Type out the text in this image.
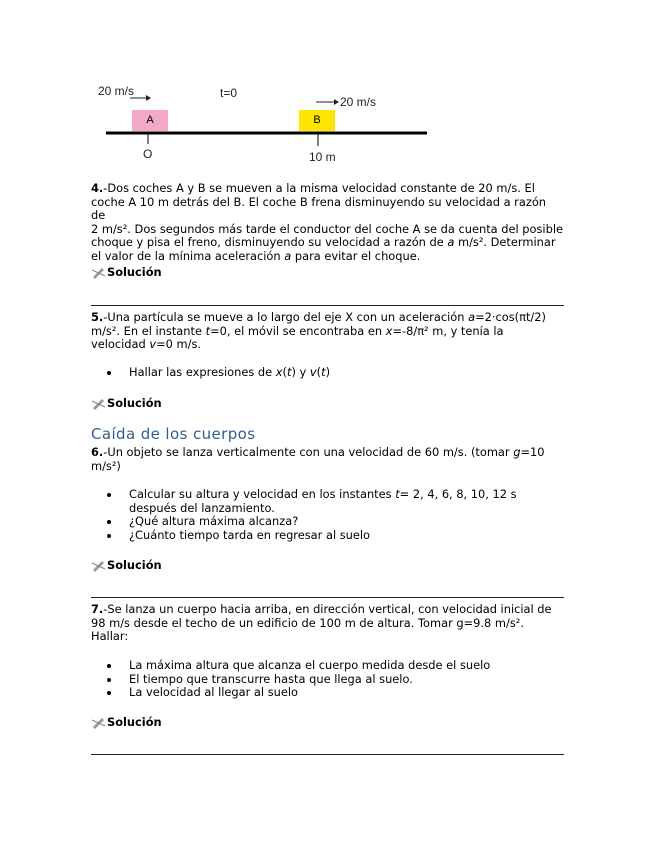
20 m/s	t=0
20 m/s
A	B
O	10 m
4.-Dos coches A y B se mueven a la misma velocidad constante de 20 m/s. El
coche A 10 m detrás del B. El coche B frena disminuyendo su velocidad a razón de
2 m/s². Dos segundos más tarde el conductor del coche A se da cuenta del posible
choque y pisa el freno, disminuyendo su velocidad a razón de a m/s². Determinar
el valor de la mínima aceleración a para evitar el choque.
Solución
5.-Una partícula se mueve a lo largo del eje X con un aceleración a=2·cos(πt/2)
m/s². En el instante t=0, el móvil se encontraba en x=-8/π² m, y tenía la
velocidad v=0 m/s.
Hallar las expresiones de x(t) y v(t)
Solución
Caída de los cuerpos
6.-Un objeto se lanza verticalmente con una velocidad de 60 m/s. (tomar g=10
m/s²)
Calcular su altura y velocidad en los instantes t= 2, 4, 6, 8, 10, 12 s
después del lanzamiento.
¿Qué altura máxima alcanza?
¿Cuánto tiempo tarda en regresar al suelo
Solución
7.-Se lanza un cuerpo hacia arriba, en dirección vertical, con velocidad inicial de
98 m/s desde el techo de un edificio de 100 m de altura. Tomar g=9.8 m/s².
Hallar:
La máxima altura que alcanza el cuerpo medida desde el suelo
El tiempo que transcurre hasta que llega al suelo.
La velocidad al llegar al suelo
Solución
